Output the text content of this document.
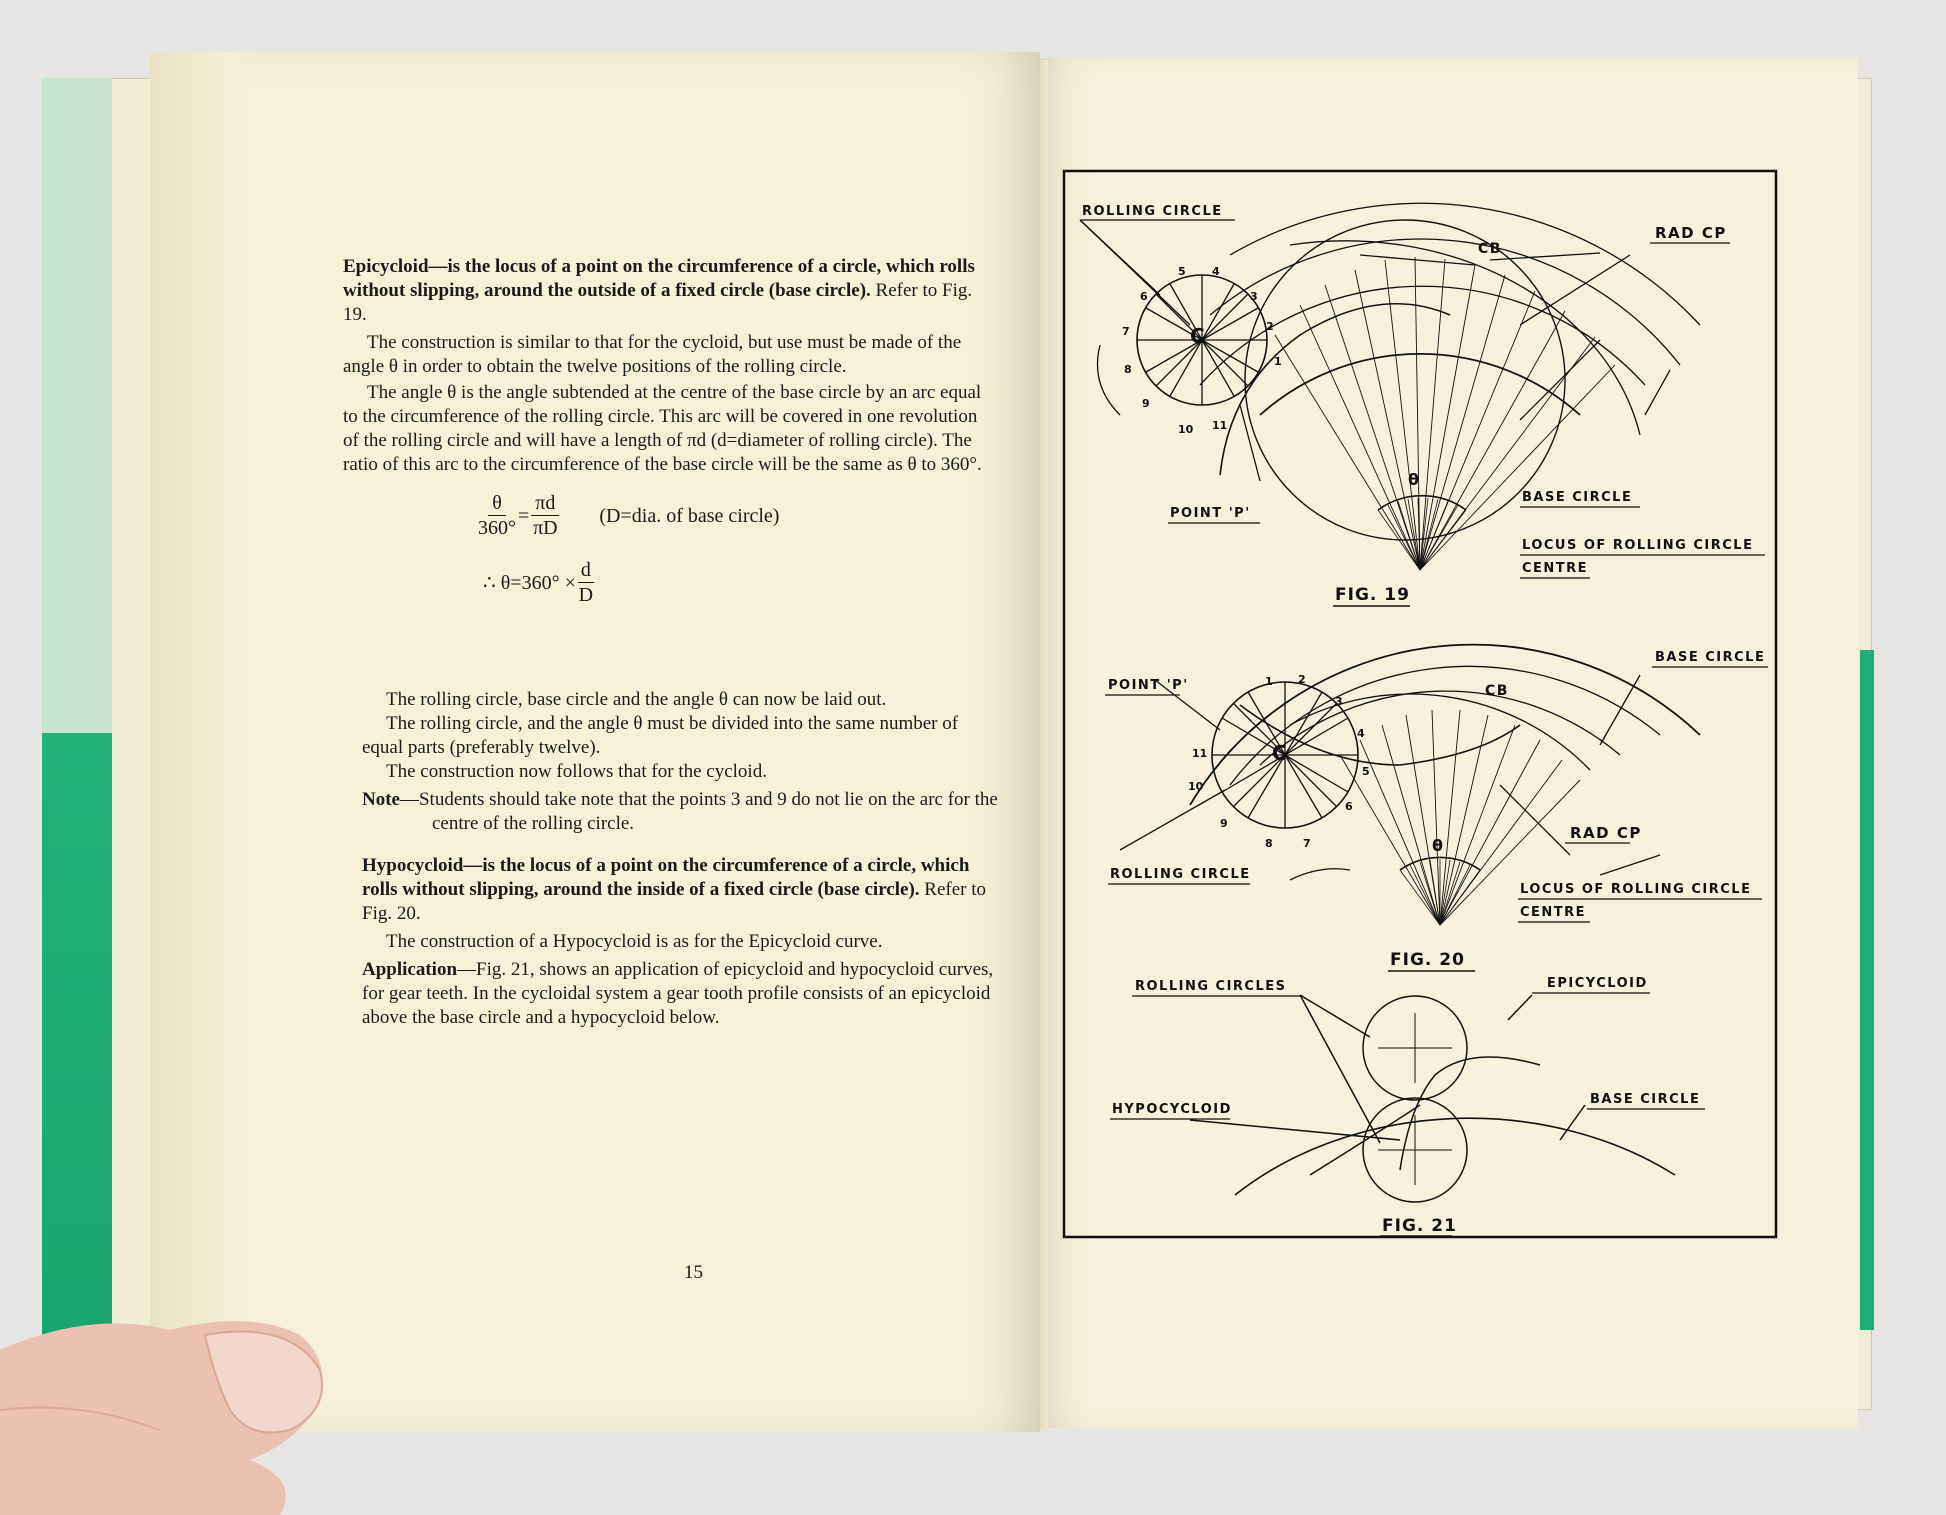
Epicycloid—is the locus of a point on the circumference of a circle, which rolls without slipping, around the outside of a fixed circle (base circle). Refer to Fig. 19.
The construction is similar to that for the cycloid, but use must be made of the angle θ in order to obtain the twelve positions of the rolling circle.
The angle θ is the angle subtended at the centre of the base circle by an arc equal to the circumference of the rolling circle. This arc will be covered in one revolution of the rolling circle and will have a length of πd (d=diameter of rolling circle). The ratio of this arc to the circumference of the base circle will be the same as θ to 360°.
$\frac{\theta}{360^\circ} = \frac{\pi d}{\pi D} (D=dia$. of base circle)
∴ $\theta=360^\circ \times \frac{d}{D}$
The rolling circle, base circle and the angle θ can now be laid out.
The rolling circle, and the angle θ must be divided into the same number of equal parts (preferably twelve).
The construction now follows that for the cycloid.
Note—Students should take note that the points 3 and 9 do not lie on the arc for the centre of the rolling circle.
Hypocycloid—is the locus of a point on the circumference of a circle, which rolls without slipping, around the inside of a fixed circle (base circle). Refer to Fig. 20.
The construction of a Hypocycloid is as for the Epicycloid curve.
Application—Fig. 21, shows an application of epicycloid and hypocycloid curves, for gear teeth. In the cycloidal system a gear tooth profile consists of an epicycloid above the base circle and a hypocycloid below.
15
ROLLING CIRCLE
RAD CP
CB
C
POINT 'P'
θ
BASE CIRCLE
LOCUS OF ROLLING CIRCLE
CENTRE
FIG. 19
1
2
3
4
5
6
7
8
9
10 11
POINT 'P'
BASE CIRCLE
CB
C
θ
RAD CP
ROLLING CIRCLE
LOCUS OF ROLLING CIRCLE
CENTRE
FIG. 20
1 2
3
4
5
6
7
8
9
10
11
ROLLING CIRCLES	EPICYCLOID
HYPOCYCLOID
BASE CIRCLE
FIG. 21
